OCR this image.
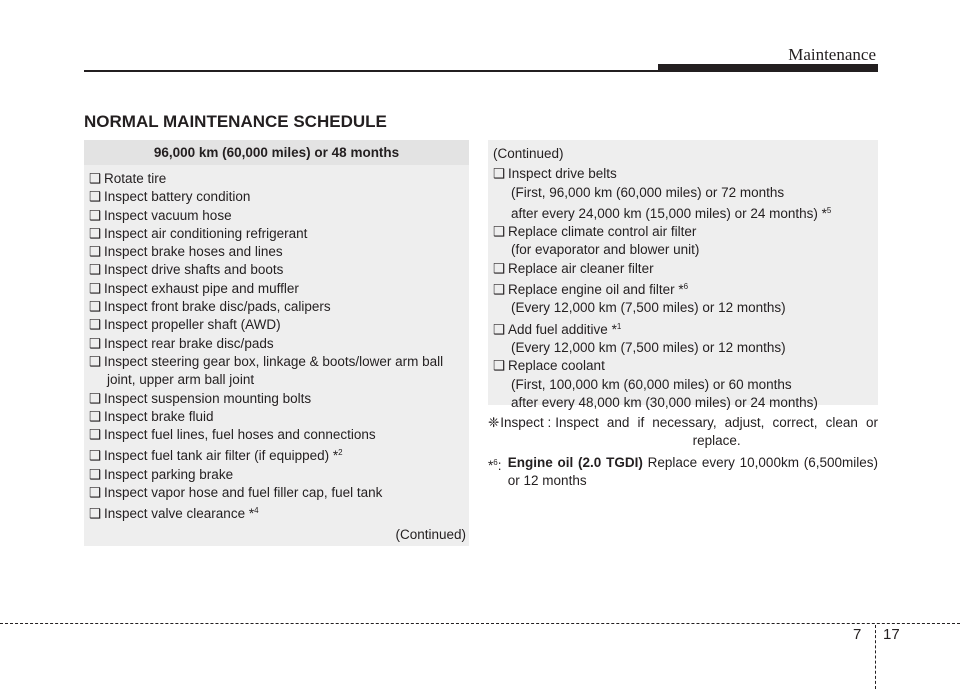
Maintenance
NORMAL MAINTENANCE SCHEDULE
96,000 km (60,000 miles) or 48 months
❑ Rotate tire
❑ Inspect battery condition
❑ Inspect vacuum hose
❑ Inspect air conditioning refrigerant
❑ Inspect brake hoses and lines
❑ Inspect drive shafts and boots
❑ Inspect exhaust pipe and muffler
❑ Inspect front brake disc/pads, calipers
❑ Inspect propeller shaft (AWD)
❑ Inspect rear brake disc/pads
❑ Inspect steering gear box, linkage & boots/lower arm ball
joint, upper arm ball joint
❑ Inspect suspension mounting bolts
❑ Inspect brake fluid
❑ Inspect fuel lines, fuel hoses and connections
❑ Inspect fuel tank air filter (if equipped) *$^2$
❑ Inspect parking brake
❑ Inspect vapor hose and fuel filler cap, fuel tank
❑ Inspect valve clearance *$^4$
(Continued)
(Continued)
❑ Inspect drive belts
(First, 96,000 km (60,000 miles) or 72 months
after every 24,000 km (15,000 miles) or 24 months) *$^5$
❑ Replace climate control air filter
(for evaporator and blower unit)
❑ Replace air cleaner filter
❑ Replace engine oil and filter *$^6$
(Every 12,000 km (7,500 miles) or 12 months)
❑ Add fuel additive *$^1$
(Every 12,000 km (7,500 miles) or 12 months)
❑ Replace coolant
(First, 100,000 km (60,000 miles) or 60 months
after every 48,000 km (30,000 miles) or 24 months)
❈ Inspect : Inspect and if necessary, adjust, correct, clean or replace.
*$^6$: Engine oil (2.0 TGDI) Replace every 10,000km (6,500miles) or 12 months
7 17
